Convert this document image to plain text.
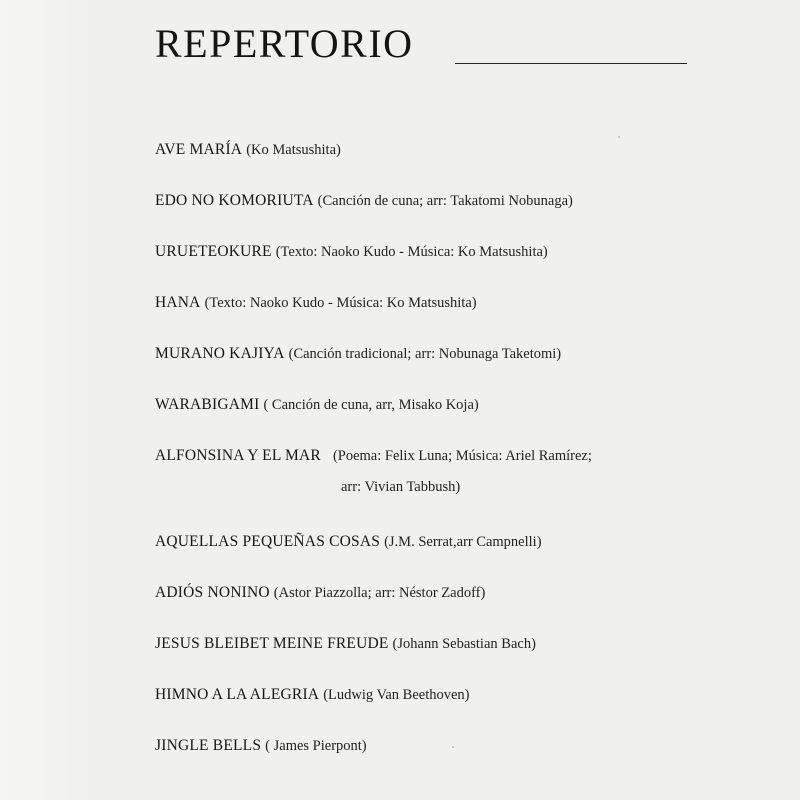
REPERTORIO
AVE MARÍA (Ko Matsushita)
EDO NO KOMORIUTA (Canción de cuna; arr: Takatomi Nobunaga)
URUETEOKURE (Texto: Naoko Kudo - Música: Ko Matsushita)
HANA (Texto: Naoko Kudo - Música: Ko Matsushita)
MURANO KAJIYA (Canción tradicional; arr: Nobunaga Taketomi)
WARABIGAMI ( Canción de cuna, arr, Misako Koja)
ALFONSINA Y EL MAR (Poema: Felix Luna; Música: Ariel Ramírez;
arr: Vivian Tabbush)
AQUELLAS PEQUEÑAS COSAS (J.M. Serrat,arr Campnelli)
ADIÓS NONINO (Astor Piazzolla; arr: Néstor Zadoff)
JESUS BLEIBET MEINE FREUDE (Johann Sebastian Bach)
HIMNO A LA ALEGRIA (Ludwig Van Beethoven)
JINGLE BELLS ( James Pierpont)
